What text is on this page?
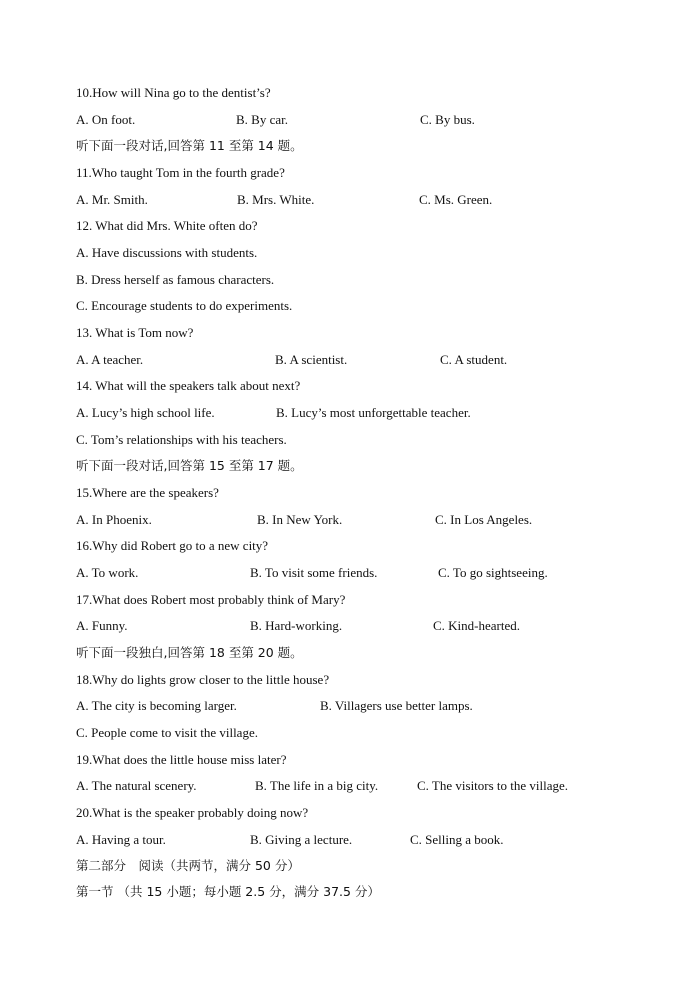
10.How will Nina go to the dentist’s?
A. On foot.	B. By car.	C. By bus.
听下面一段对话,回答第 11 至第 14 题。
11.Who taught Tom in the fourth grade?
A. Mr. Smith.	B. Mrs. White.	C. Ms. Green.
12. What did Mrs. White often do?
A. Have discussions with students.
B. Dress herself as famous characters.
C. Encourage students to do experiments.
13. What is Tom now?
A. A teacher.	B. A scientist.	C. A student.
14. What will the speakers talk about next?
A. Lucy’s high school life.	B. Lucy’s most unforgettable teacher.
C. Tom’s relationships with his teachers.
听下面一段对话,回答第 15 至第 17 题。
15.Where are the speakers?
A. In Phoenix.	B. In New York.	C. In Los Angeles.
16.Why did Robert go to a new city?
A. To work.	B. To visit some friends.	C. To go sightseeing.
17.What does Robert most probably think of Mary?
A. Funny.	B. Hard-working.	C. Kind-hearted.
听下面一段独白,回答第 18 至第 20 题。
18.Why do lights grow closer to the little house?
A. The city is becoming larger.	B. Villagers use better lamps.
C. People come to visit the village.
19.What does the little house miss later?
A. The natural scenery.	B. The life in a big city.	C. The visitors to the village.
20.What is the speaker probably doing now?
A. Having a tour.	B. Giving a lecture.	C. Selling a book.
第二部分　阅读（共两节，满分 50 分）
第一节 （共 15 小题；每小题 2.5 分，满分 37.5 分）
